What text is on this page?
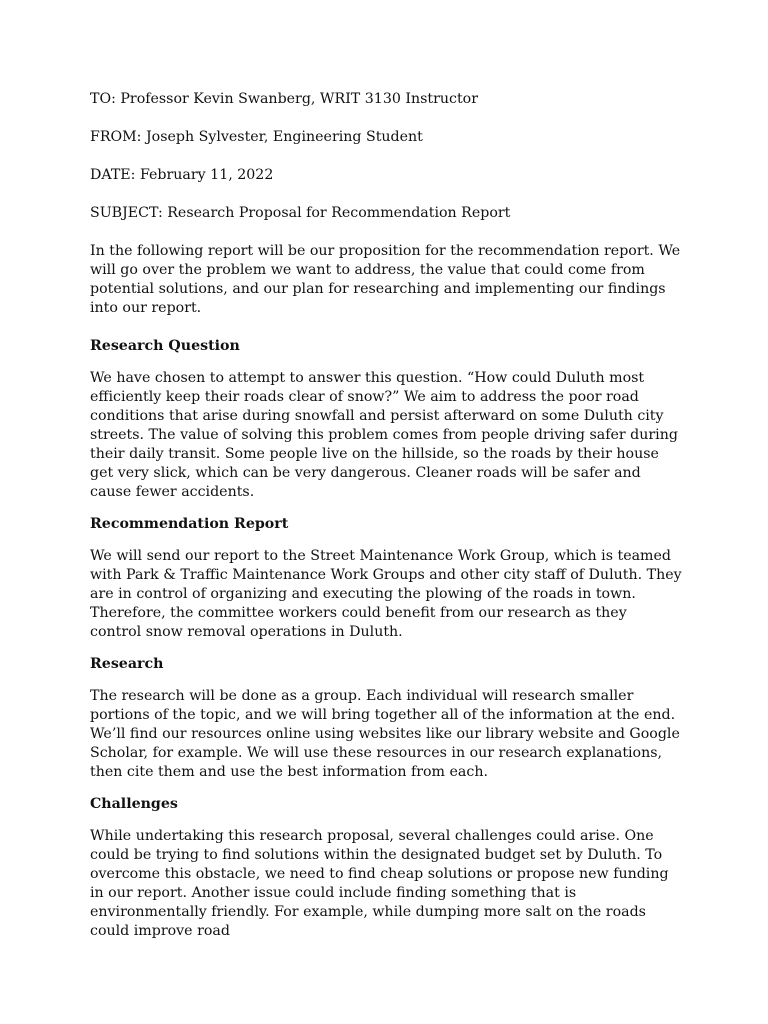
TO: Professor Kevin Swanberg, WRIT 3130 Instructor

FROM: Joseph Sylvester, Engineering Student

DATE: February 11, 2022

SUBJECT: Research Proposal for Recommendation Report

In the following report will be our proposition for the recommendation report. We will go over the problem we want to address, the value that could come from potential solutions, and our plan for researching and implementing our findings into our report.

Research Question

We have chosen to attempt to answer this question. “How could Duluth most efficiently keep their roads clear of snow?” We aim to address the poor road conditions that arise during snowfall and persist afterward on some Duluth city streets. The value of solving this problem comes from people driving safer during their daily transit. Some people live on the hillside, so the roads by their house get very slick, which can be very dangerous. Cleaner roads will be safer and cause fewer accidents.

Recommendation Report

We will send our report to the Street Maintenance Work Group, which is teamed with Park & Traffic Maintenance Work Groups and other city staff of Duluth. They are in control of organizing and executing the plowing of the roads in town. Therefore, the committee workers could benefit from our research as they control snow removal operations in Duluth.

Research

The research will be done as a group. Each individual will research smaller portions of the topic, and we will bring together all of the information at the end. We’ll find our resources online using websites like our library website and Google Scholar, for example. We will use these resources in our research explanations, then cite them and use the best information from each.

Challenges

While undertaking this research proposal, several challenges could arise. One could be trying to find solutions within the designated budget set by Duluth. To overcome this obstacle, we need to find cheap solutions or propose new funding in our report. Another issue could include finding something that is environmentally friendly. For example, while dumping more salt on the roads could improve road
